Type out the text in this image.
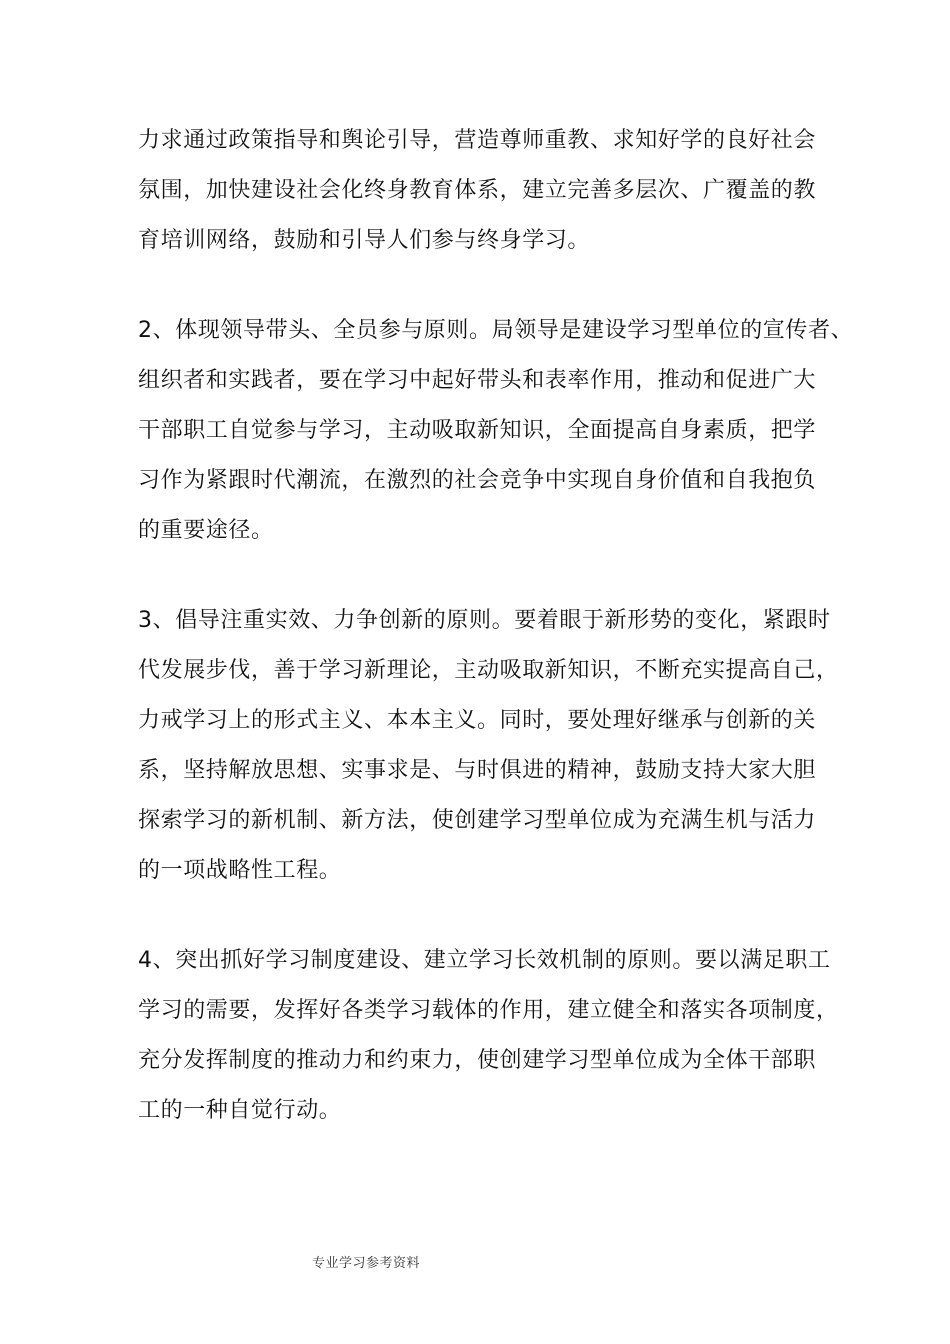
力求通过政策指导和舆论引导，营造尊师重教、求知好学的良好社会
氛围，加快建设社会化终身教育体系，建立完善多层次、广覆盖的教
育培训网络，鼓励和引导人们参与终身学习。
2、体现领导带头、全员参与原则。局领导是建设学习型单位的宣传者、
组织者和实践者，要在学习中起好带头和表率作用，推动和促进广大
干部职工自觉参与学习，主动吸取新知识，全面提高自身素质，把学
习作为紧跟时代潮流，在激烈的社会竞争中实现自身价值和自我抱负
的重要途径。
3、倡导注重实效、力争创新的原则。要着眼于新形势的变化，紧跟时
代发展步伐，善于学习新理论，主动吸取新知识，不断充实提高自己，
力戒学习上的形式主义、本本主义。同时，要处理好继承与创新的关
系，坚持解放思想、实事求是、与时俱进的精神，鼓励支持大家大胆
探索学习的新机制、新方法，使创建学习型单位成为充满生机与活力
的一项战略性工程。
4、突出抓好学习制度建设、建立学习长效机制的原则。要以满足职工
学习的需要，发挥好各类学习载体的作用，建立健全和落实各项制度，
充分发挥制度的推动力和约束力，使创建学习型单位成为全体干部职
工的一种自觉行动。
专业学习参考资料
